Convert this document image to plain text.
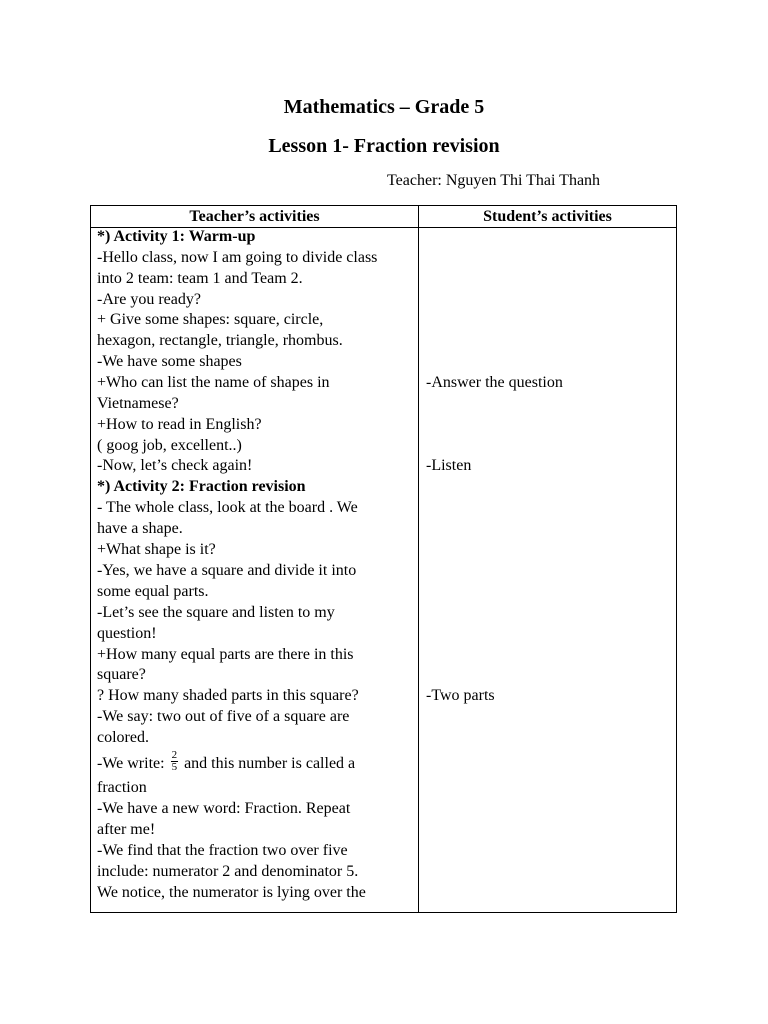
Mathematics – Grade 5
Lesson 1- Fraction revision
Teacher: Nguyen Thi Thai Thanh
Teacher’s activities	Student’s activities
*) Activity 1: Warm-up
-Hello class, now I am going to divide class
into 2 team: team 1 and Team 2.
-Are you ready?
+ Give some shapes: square, circle,
hexagon, rectangle, triangle, rhombus.
-We have some shapes
+Who can list the name of shapes in
Vietnamese?
+How to read in English?
( goog job, excellent..)
-Now, let’s check again!
*) Activity 2: Fraction revision
- The whole class, look at the board . We
have a shape.
+What shape is it?
-Yes, we have a square and divide it into
some equal parts.
-Let’s see the square and listen to my
question!
+How many equal parts are there in this
square?
? How many shaded parts in this square?
-We say: two out of five of a square are
colored.
-We write: $\frac{2}{5}$ and this number is called a
fraction
-We have a new word: Fraction. Repeat
after me!
-We find that the fraction two over five
include: numerator 2 and denominator 5.
We notice, the numerator is lying over the
-Answer the question
-Listen
-Two parts
